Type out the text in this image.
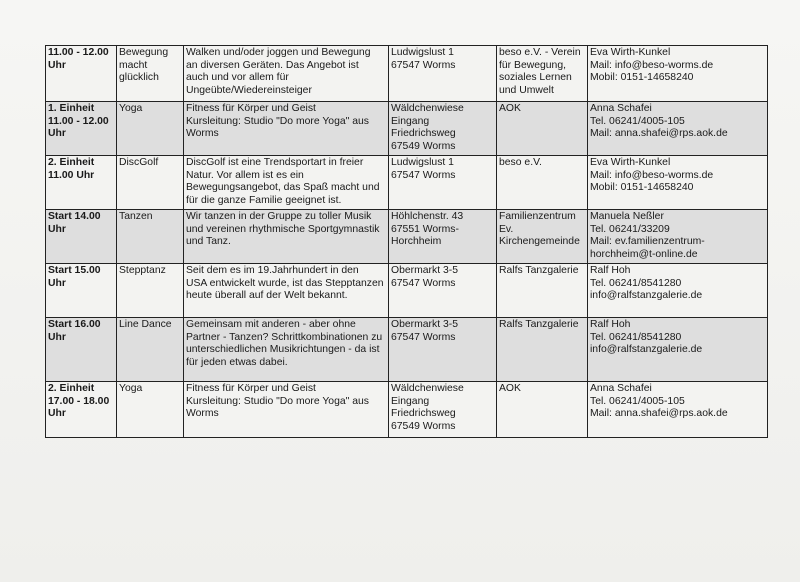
11.00 - 12.00
Uhr	Bewegung
macht
glücklich	Walken und/oder joggen und Bewegung
an diversen Geräten. Das Angebot ist
auch und vor allem für
Ungeübte/Wiedereinsteiger	Ludwigslust 1
67547 Worms	beso e.V. - Verein
für Bewegung,
soziales Lernen
und Umwelt	Eva Wirth-Kunkel
Mail: info@beso-worms.de
Mobil: 0151-14658240

1. Einheit
11.00 - 12.00
Uhr	Yoga	Fitness für Körper und Geist
Kursleitung: Studio "Do more Yoga" aus
Worms	Wäldchenwiese
Eingang
Friedrichsweg
67549 Worms	AOK	Anna Schafei
Tel. 06241/4005-105
Mail: anna.shafei@rps.aok.de

2. Einheit
11.00 Uhr	DiscGolf	DiscGolf ist eine Trendsportart in freier
Natur. Vor allem ist es ein
Bewegungsangebot, das Spaß macht und
für die ganze Familie geeignet ist.	Ludwigslust 1
67547 Worms	beso e.V.	Eva Wirth-Kunkel
Mail: info@beso-worms.de
Mobil: 0151-14658240

Start 14.00
Uhr	Tanzen	Wir tanzen in der Gruppe zu toller Musik
und vereinen rhythmische Sportgymnastik
und Tanz.	Höhlchenstr. 43
67551 Worms-
Horchheim	Familienzentrum
Ev.
Kirchengemeinde	Manuela Neßler
Tel. 06241/33209
Mail: ev.familienzentrum-
horchheim@t-online.de

Start 15.00
Uhr	Stepptanz	Seit dem es im 19.Jahrhundert in den
USA entwickelt wurde, ist das Stepptanzen
heute überall auf der Welt bekannt.	Obermarkt 3-5
67547 Worms	Ralfs Tanzgalerie	Ralf Hoh
Tel. 06241/8541280
info@ralfstanzgalerie.de

Start 16.00
Uhr	Line Dance	Gemeinsam mit anderen - aber ohne
Partner - Tanzen? Schrittkombinationen zu
unterschiedlichen Musikrichtungen - da ist
für jeden etwas dabei.	Obermarkt 3-5
67547 Worms	Ralfs Tanzgalerie	Ralf Hoh
Tel. 06241/8541280
info@ralfstanzgalerie.de

2. Einheit
17.00 - 18.00
Uhr	Yoga	Fitness für Körper und Geist
Kursleitung: Studio "Do more Yoga" aus
Worms	Wäldchenwiese
Eingang
Friedrichsweg
67549 Worms	AOK	Anna Schafei
Tel. 06241/4005-105
Mail: anna.shafei@rps.aok.de
